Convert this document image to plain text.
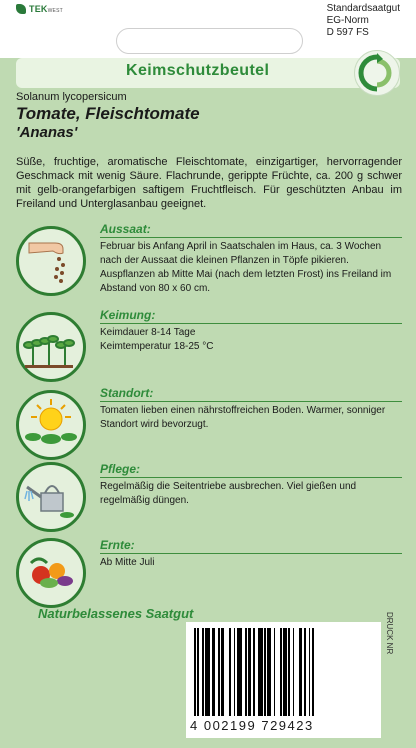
TEKWEST	Standardsaatgut
EG-Norm
D 597 FS
Keimschutzbeutel
Solanum lycopersicum
Tomate, Fleischtomate
'Ananas'
Süße, fruchtige, aromatische Fleischtomate, einzigartiger, hervorragender Geschmack mit wenig Säure. Flachrunde, gerippte Früchte, ca. 200 g schwer mit gelb-orangefarbigen saftigem Fruchtfleisch. Für geschützten Anbau im Freiland und Unterglasanbau geeignet.
Aussaat:
Februar bis Anfang April in Saatschalen im Haus, ca. 3 Wochen nach der Aussaat die kleinen Pflanzen in Töpfe pikieren. Auspflanzen ab Mitte Mai (nach dem letzten Frost) ins Freiland im Abstand von 80 x 60 cm.
Keimung:
Keimdauer 8-14 Tage
Keimtemperatur 18-25 °C
Standort:
Tomaten lieben einen nährstoffreichen Boden. Warmer, sonniger Standort wird bevorzugt.
Pflege:
Regelmäßig die Seitentriebe ausbrechen. Viel gießen und regelmäßig düngen.
Ernte:
Ab Mitte Juli
Naturbelassenes Saatgut	DRUCK NR
4 002199 729423
